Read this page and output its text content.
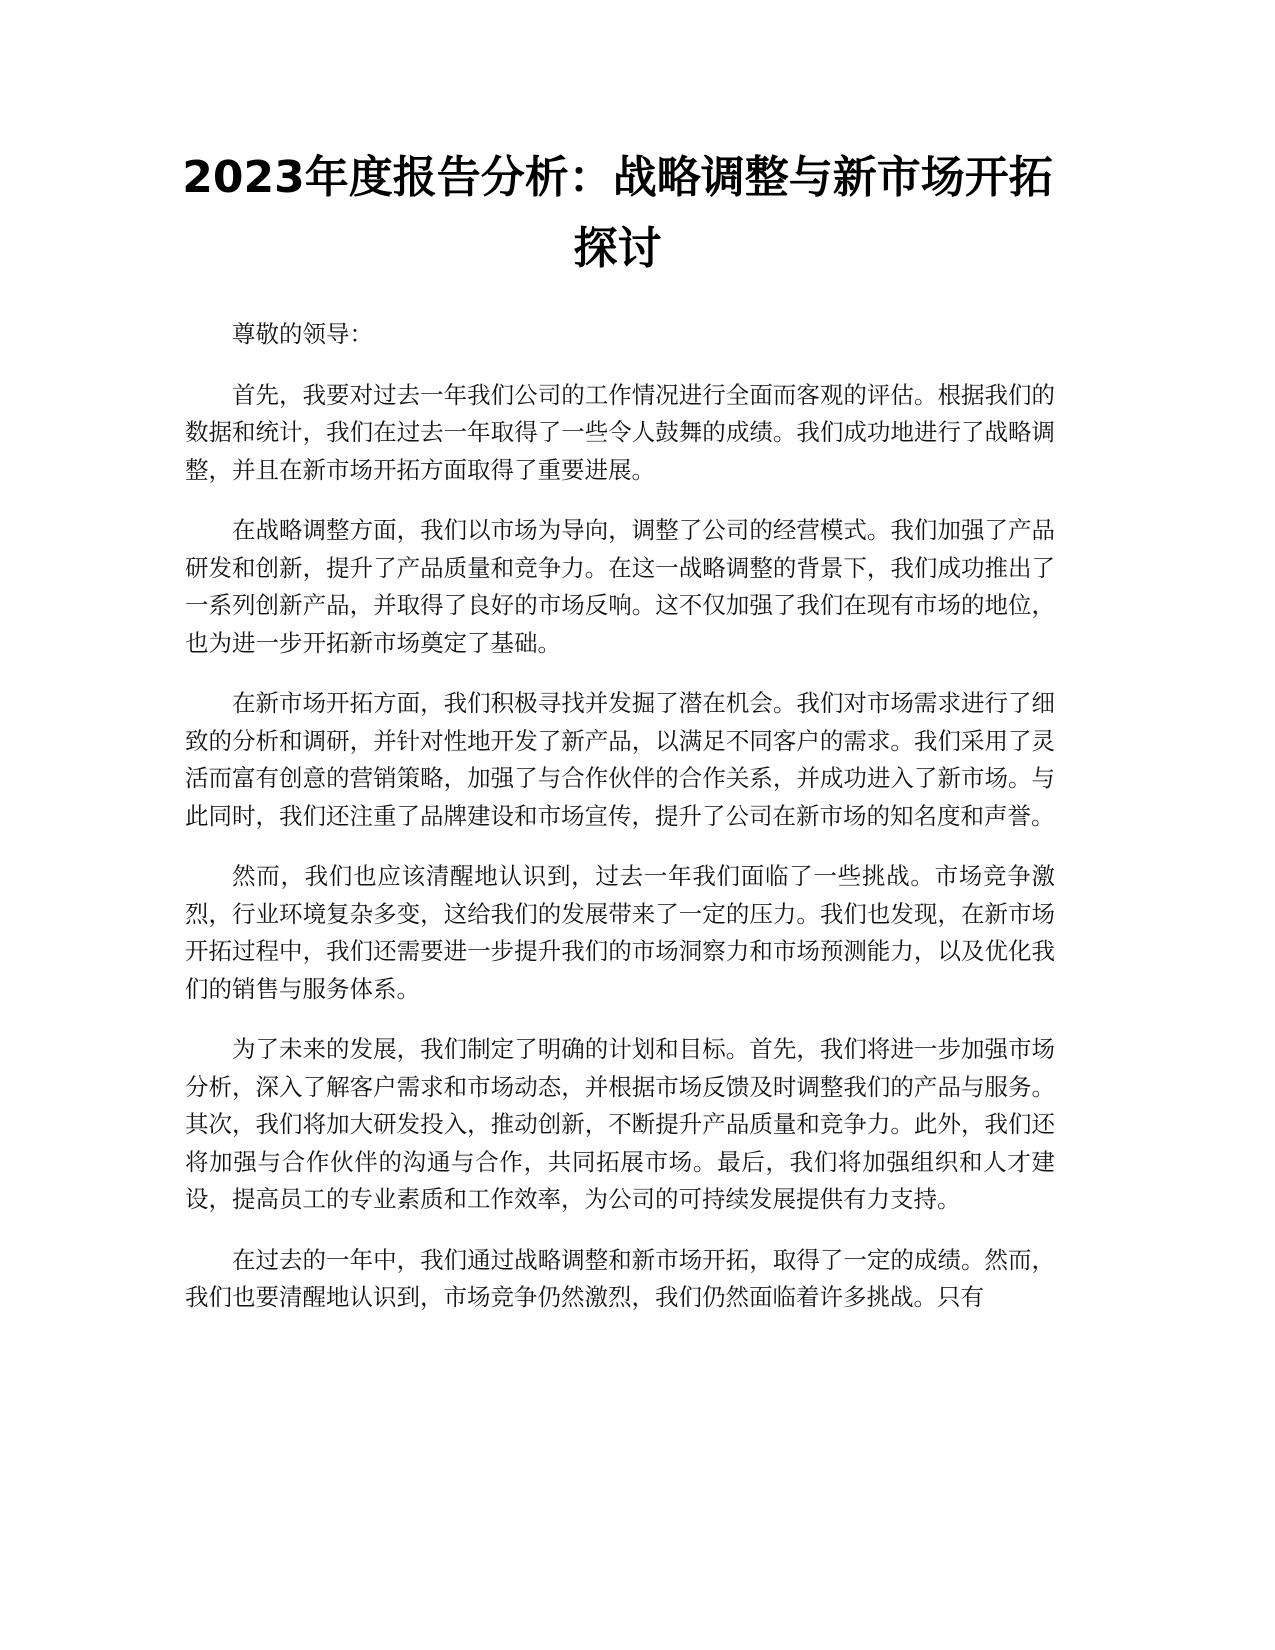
2023年度报告分析：战略调整与新市场开拓探讨

尊敬的领导：

首先，我要对过去一年我们公司的工作情况进行全面而客观的评估。根据我们的数据和统计，我们在过去一年取得了一些令人鼓舞的成绩。我们成功地进行了战略调整，并且在新市场开拓方面取得了重要进展。

在战略调整方面，我们以市场为导向，调整了公司的经营模式。我们加强了产品研发和创新，提升了产品质量和竞争力。在这一战略调整的背景下，我们成功推出了一系列创新产品，并取得了良好的市场反响。这不仅加强了我们在现有市场的地位，也为进一步开拓新市场奠定了基础。

在新市场开拓方面，我们积极寻找并发掘了潜在机会。我们对市场需求进行了细致的分析和调研，并针对性地开发了新产品，以满足不同客户的需求。我们采用了灵活而富有创意的营销策略，加强了与合作伙伴的合作关系，并成功进入了新市场。与此同时，我们还注重了品牌建设和市场宣传，提升了公司在新市场的知名度和声誉。

然而，我们也应该清醒地认识到，过去一年我们面临了一些挑战。市场竞争激烈，行业环境复杂多变，这给我们的发展带来了一定的压力。我们也发现，在新市场开拓过程中，我们还需要进一步提升我们的市场洞察力和市场预测能力，以及优化我们的销售与服务体系。

为了未来的发展，我们制定了明确的计划和目标。首先，我们将进一步加强市场分析，深入了解客户需求和市场动态，并根据市场反馈及时调整我们的产品与服务。其次，我们将加大研发投入，推动创新，不断提升产品质量和竞争力。此外，我们还将加强与合作伙伴的沟通与合作，共同拓展市场。最后，我们将加强组织和人才建设，提高员工的专业素质和工作效率，为公司的可持续发展提供有力支持。

在过去的一年中，我们通过战略调整和新市场开拓，取得了一定的成绩。然而，我们也要清醒地认识到，市场竞争仍然激烈，我们仍然面临着许多挑战。只有
